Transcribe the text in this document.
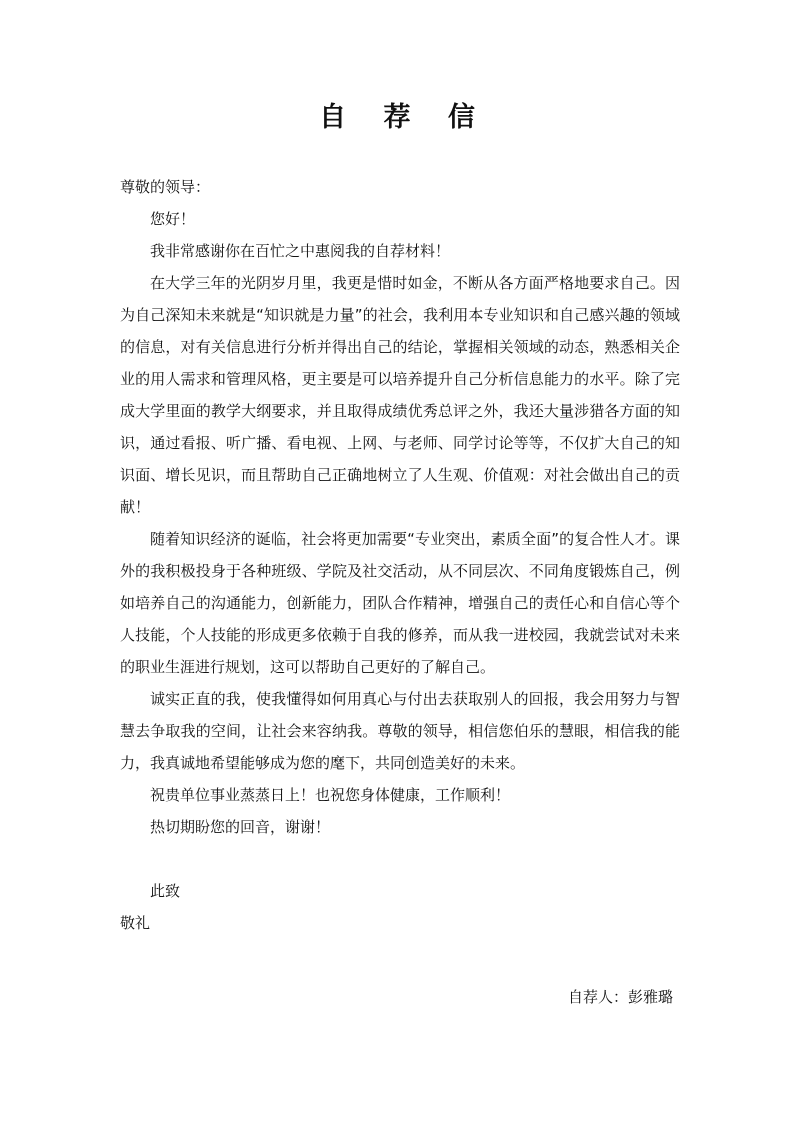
自 荐 信

尊敬的领导：

您好！

我非常感谢你在百忙之中惠阅我的自荐材料！

在大学三年的光阴岁月里，我更是惜时如金，不断从各方面严格地要求自己。因为自己深知未来就是“知识就是力量”的社会，我利用本专业知识和自己感兴趣的领域的信息，对有关信息进行分析并得出自己的结论，掌握相关领域的动态，熟悉相关企业的用人需求和管理风格，更主要是可以培养提升自己分析信息能力的水平。除了完成大学里面的教学大纲要求，并且取得成绩优秀总评之外，我还大量涉猎各方面的知识，通过看报、听广播、看电视、上网、与老师、同学讨论等等，不仅扩大自己的知识面、增长见识，而且帮助自己正确地树立了人生观、价值观：对社会做出自己的贡献！

随着知识经济的诞临，社会将更加需要“专业突出，素质全面”的复合性人才。课外的我积极投身于各种班级、学院及社交活动，从不同层次、不同角度锻炼自己，例如培养自己的沟通能力，创新能力，团队合作精神，增强自己的责任心和自信心等个人技能，个人技能的形成更多依赖于自我的修养，而从我一进校园，我就尝试对未来的职业生涯进行规划，这可以帮助自己更好的了解自己。

诚实正直的我，使我懂得如何用真心与付出去获取别人的回报，我会用努力与智慧去争取我的空间，让社会来容纳我。尊敬的领导，相信您伯乐的慧眼，相信我的能力，我真诚地希望能够成为您的麾下，共同创造美好的未来。

祝贵单位事业蒸蒸日上！也祝您身体健康，工作顺利！

热切期盼您的回音，谢谢！

此致

敬礼

自荐人：彭雅璐
